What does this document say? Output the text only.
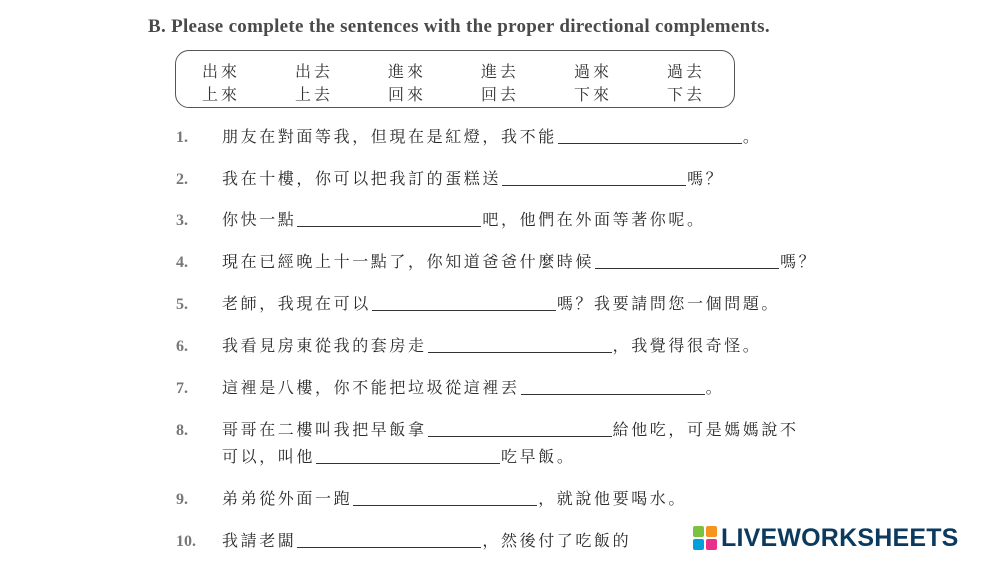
B. Please complete the sentences with the proper directional complements.
出來	出去	進來	進去	過來	過去
上來	上去	回來	回去	下來	下去
1. 朋友在對面等我，但現在是紅燈，我不能	。
2. 我在十樓，你可以把我訂的蛋糕送	嗎？
3. 你快一點	吧，他們在外面等著你呢。
4. 現在已經晚上十一點了，你知道爸爸什麼時候	嗎？
5. 老師，我現在可以	嗎？我要請問您一個問題。
6. 我看見房東從我的套房走	，我覺得很奇怪。
7. 這裡是八樓，你不能把垃圾從這裡丟	。
8. 哥哥在二樓叫我把早飯拿	給他吃，可是媽媽說不
可以，叫他	吃早飯。
9. 弟弟從外面一跑	，就說他要喝水。
10. 我請老闆	，然後付了吃飯的	LIVEWORKSHEETS
